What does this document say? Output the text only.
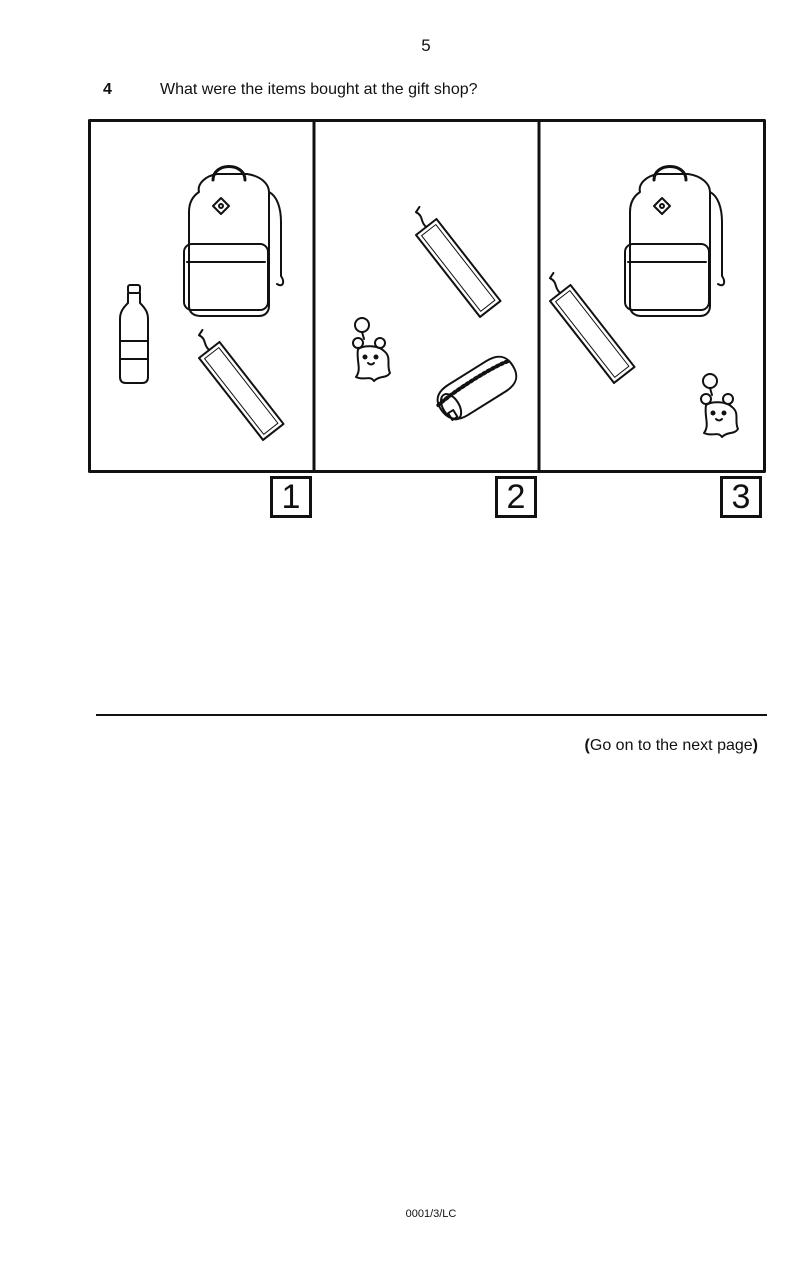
5
4	What were the items bought at the gift shop?
1	2	3
(Go on to the next page)
0001/3/LC
